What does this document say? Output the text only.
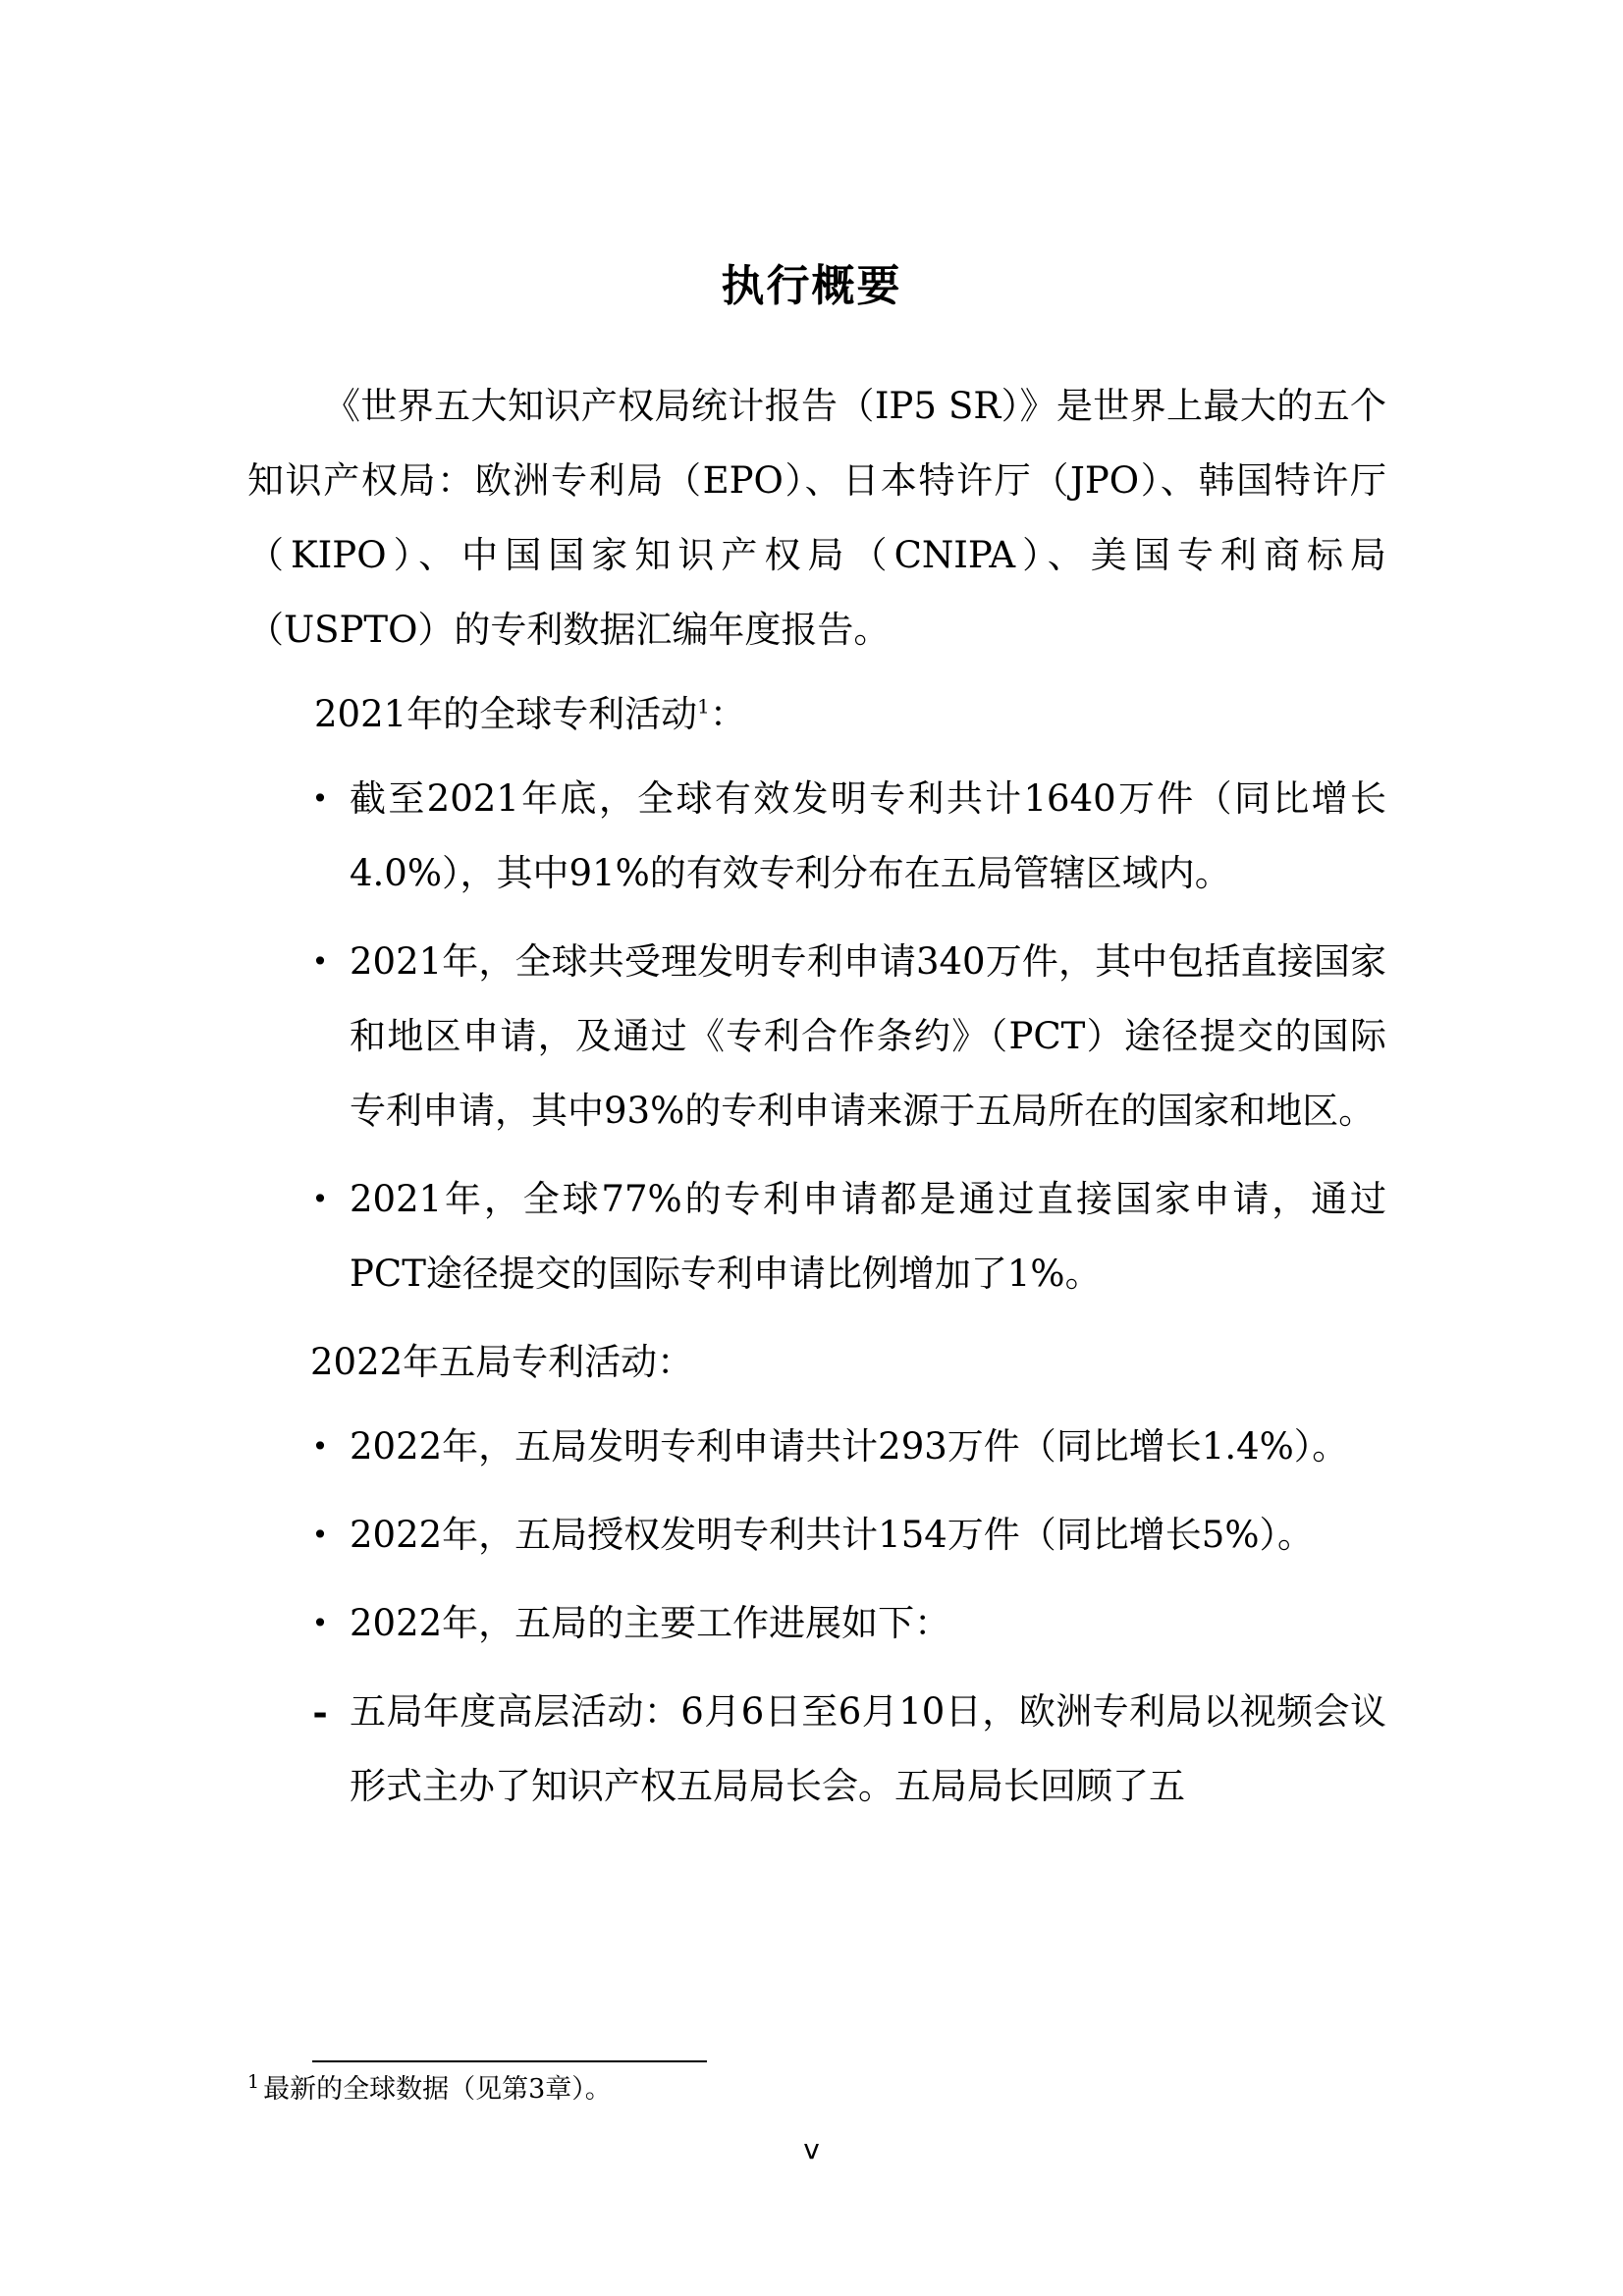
执行概要

《世界五大知识产权局统计报告（IP5 SR）》是世界上最大的五个知识产权局：欧洲专利局（EPO）、日本特许厅（JPO）、韩国特许厅（KIPO）、中国国家知识产权局（CNIPA）、美国专利商标局（USPTO）的专利数据汇编年度报告。

2021年的全球专利活动$^1$：

• 截至2021年底，全球有效发明专利共计1640万件（同比增长4.0%），其中91%的有效专利分布在五局管辖区域内。
• 2021年，全球共受理发明专利申请340万件，其中包括直接国家和地区申请，及通过《专利合作条约》（PCT）途径提交的国际专利申请，其中93%的专利申请来源于五局所在的国家和地区。
• 2021年，全球77%的专利申请都是通过直接国家申请，通过PCT途径提交的国际专利申请比例增加了1%。

2022年五局专利活动：

• 2022年，五局发明专利申请共计293万件（同比增长1.4%）。
• 2022年，五局授权发明专利共计154万件（同比增长5%）。
• 2022年，五局的主要工作进展如下：
- 五局年度高层活动：6月6日至6月10日，欧洲专利局以视频会议形式主办了知识产权五局局长会。五局局长回顾了五
$^1$ 最新的全球数据（见第3章）。
v
